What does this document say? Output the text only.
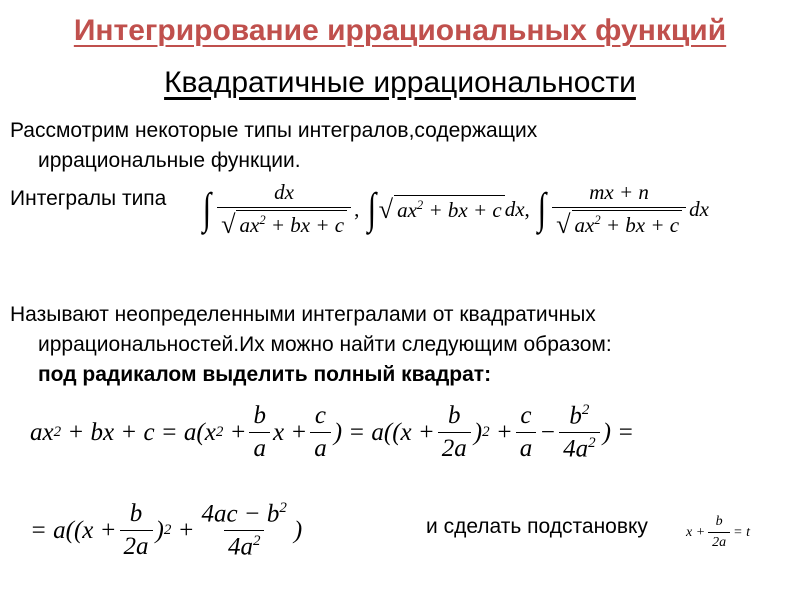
Интегрирование иррациональных функций
Квадратичные иррациональности
Рассмотрим некоторые типы интегралов,содержащих
иррациональные функции.
Интегралы типа ∫ $\frac{dx}{√ ax^2 + bx + c}$ , ∫ √ $ax^2$ + bx + c dx , ∫ $\frac{mx + n}{√ ax^2 + bx + c}$ dx
Называют неопределенными интегралами от квадратичных
иррациональностей.Их можно найти следующим образом:
под радикалом выделить полный квадрат:
ax 2 + bx + c = a(x $2 + \frac{b}{a}$ $x + \frac{c}{a}$ ) = $a((x + \frac{b}{2a}$ ) $2 + \frac{c}{a} - \frac{b^2}{4a^2}$ ) =
= $a((x + \frac{b}{2a}$ ) $2 + \frac{4ac - b^2}{4a^2}$ )	и сделать подстановку	$x + \frac{b}{2a} = t$
